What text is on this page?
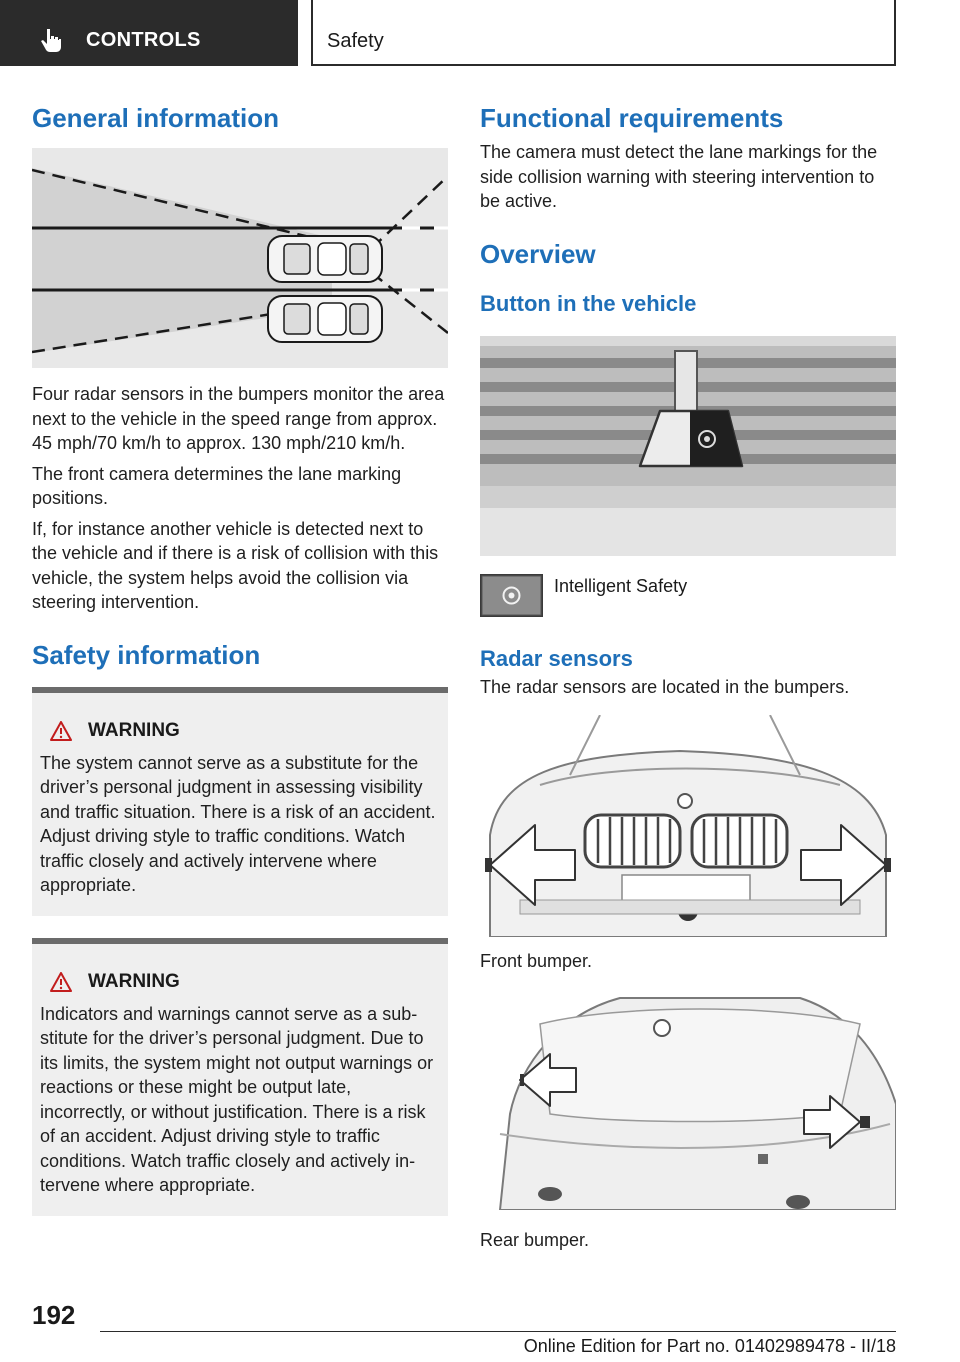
CONTROLS	Safety
General information

Four radar sensors in the bumpers monitor the area next to the vehicle in the speed range from approx. 45 mph/70 km/h to approx. 130 mph/210 km/h.

The front camera determines the lane marking positions.

If, for instance another vehicle is detected next to the vehicle and if there is a risk of collision with this vehicle, the system helps avoid the collision via steering intervention.

Safety information
WARNING

The system cannot serve as a substitute for the driver’s personal judgment in assessing visibility and traffic situation. There is a risk of an accident. Adjust driving style to traffic conditions. Watch traffic closely and actively intervene where appropriate.

WARNING

Indicators and warnings cannot serve as a substitute for the driver’s personal judgment. Due to its limits, the system might not output warnings or reactions or these might be output late, incorrectly, or without justification. There is a risk of an accident. Adjust driving style to traffic conditions. Watch traffic closely and actively intervene where appropriate.

Functional requirements

The camera must detect the lane markings for the side collision warning with steering intervention to be active.

Overview
Button in the vehicle
Intelligent Safety
Radar sensors

The radar sensors are located in the bumpers.

Front bumper.

Rear bumper.

192
Online Edition for Part no. 01402989478 - II/18
